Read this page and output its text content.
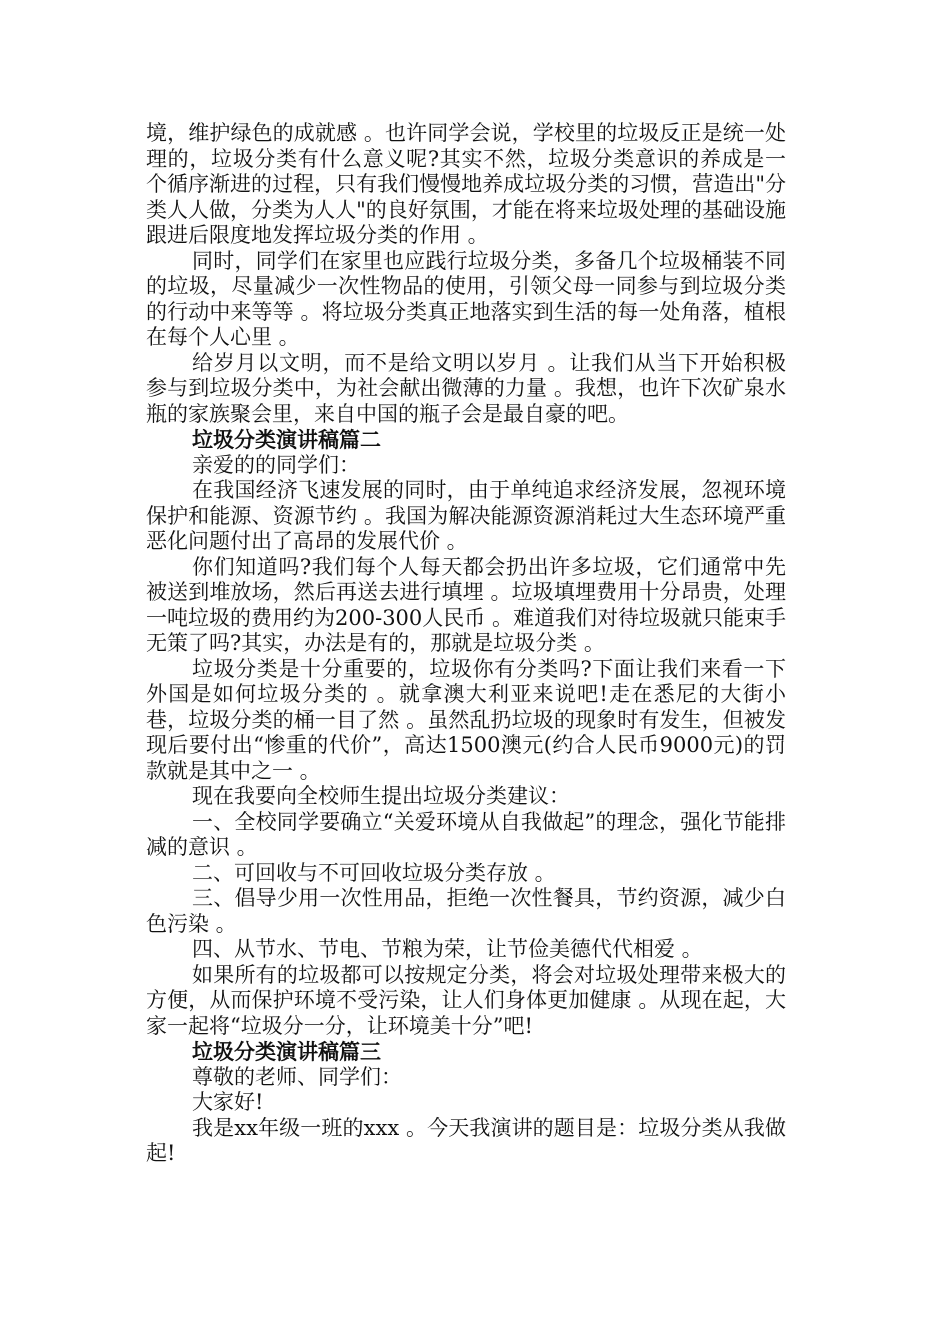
境，维护绿色的成就感 。也许同学会说，学校里的垃圾反正是统一处理的，垃圾分类有什么意义呢?其实不然，垃圾分类意识的养成是一个循序渐进的过程，只有我们慢慢地养成垃圾分类的习惯，营造出"分类人人做，分类为人人"的良好氛围，才能在将来垃圾处理的基础设施跟进后限度地发挥垃圾分类的作用 。

同时，同学们在家里也应践行垃圾分类，多备几个垃圾桶装不同的垃圾，尽量减少一次性物品的使用，引领父母一同参与到垃圾分类的行动中来等等 。将垃圾分类真正地落实到生活的每一处角落，植根在每个人心里 。

给岁月以文明，而不是给文明以岁月 。让我们从当下开始积极参与到垃圾分类中，为社会献出微薄的力量 。我想，也许下次矿泉水瓶的家族聚会里，来自中国的瓶子会是最自豪的吧。

垃圾分类演讲稿篇二

亲爱的的同学们：

在我国经济飞速发展的同时，由于单纯追求经济发展，忽视环境保护和能源、资源节约 。我国为解决能源资源消耗过大生态环境严重恶化问题付出了高昂的发展代价 。

你们知道吗?我们每个人每天都会扔出许多垃圾，它们通常中先被送到堆放场，然后再送去进行填埋 。垃圾填埋费用十分昂贵，处理一吨垃圾的费用约为200-300人民币 。难道我们对待垃圾就只能束手无策了吗?其实，办法是有的，那就是垃圾分类 。

垃圾分类是十分重要的，垃圾你有分类吗?下面让我们来看一下外国是如何垃圾分类的 。就拿澳大利亚来说吧!走在悉尼的大街小巷，垃圾分类的桶一目了然 。虽然乱扔垃圾的现象时有发生，但被发现后要付出“惨重的代价”，高达1500澳元(约合人民币9000元)的罚款就是其中之一 。

现在我要向全校师生提出垃圾分类建议：

一、全校同学要确立“关爱环境从自我做起”的理念，强化节能排减的意识 。

二、可回收与不可回收垃圾分类存放 。

三、倡导少用一次性用品，拒绝一次性餐具，节约资源，减少白色污染 。

四、从节水、节电、节粮为荣，让节俭美德代代相爱 。

如果所有的垃圾都可以按规定分类，将会对垃圾处理带来极大的方便，从而保护环境不受污染，让人们身体更加健康 。从现在起，大家一起将“垃圾分一分，让环境美十分”吧!

垃圾分类演讲稿篇三

尊敬的老师、同学们：

大家好!

我是xx年级一班的xxx 。今天我演讲的题目是：垃圾分类从我做起!
